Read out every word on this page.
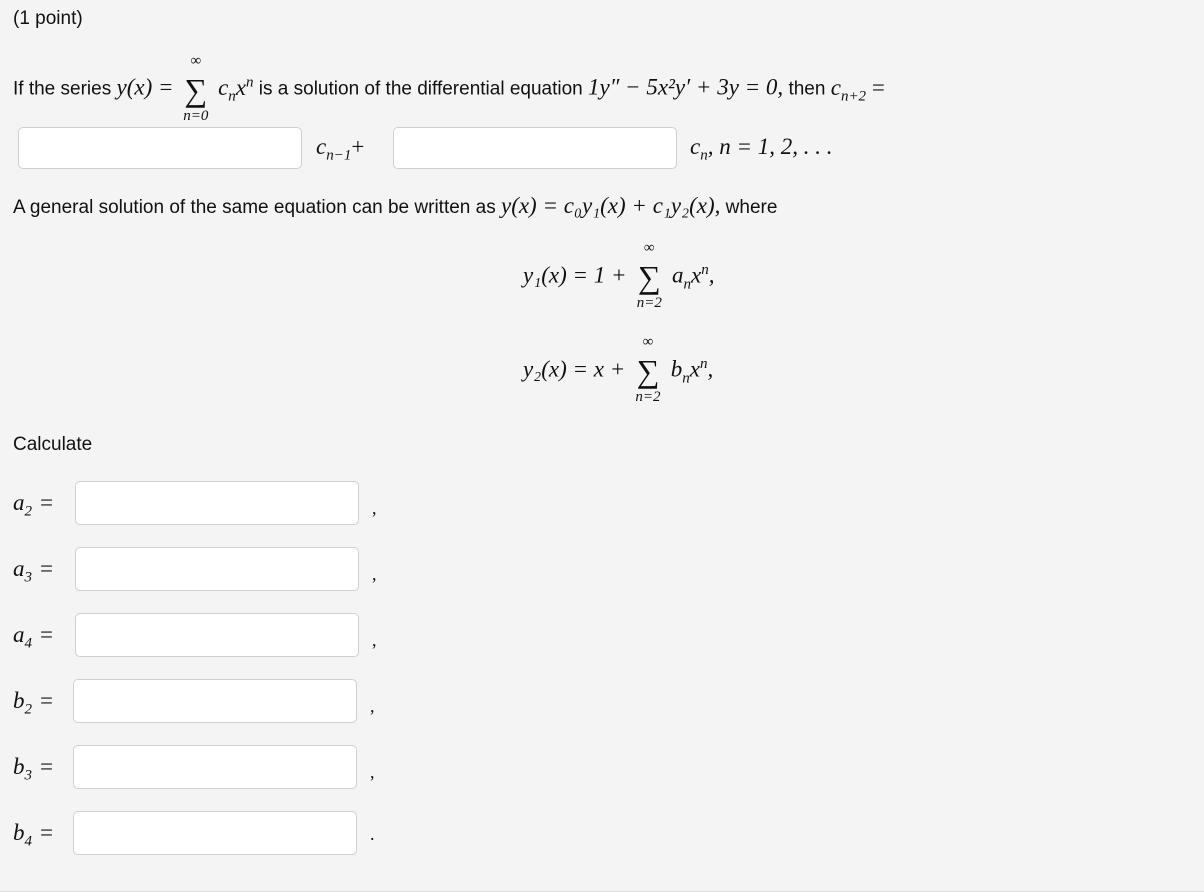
(1 point)
If the series y(x) =
∞
∑
n=0
$c_nx^n$ is a solution of the differential equation 1y″ − 5x²y′ + 3y = 0, then $c_{n+2}$ =
$c_{n-1}+$	$c_n$, n = 1, 2, . . .
A general solution of the same equation can be written as y(x) = c₀y₁(x) + c₁y₂(x), where
y₁(x) = 1 +
∞
∑
n=2
$a_nx^n$,
y₂(x) = x +
∞
∑
n=2
$b_nx^n$,
Calculate
$a_2$ =	,
$a_3$ =	,
$a_4$ =	,
$b_2$ =	,
$b_3$ =	,
$b_4$ =	.
